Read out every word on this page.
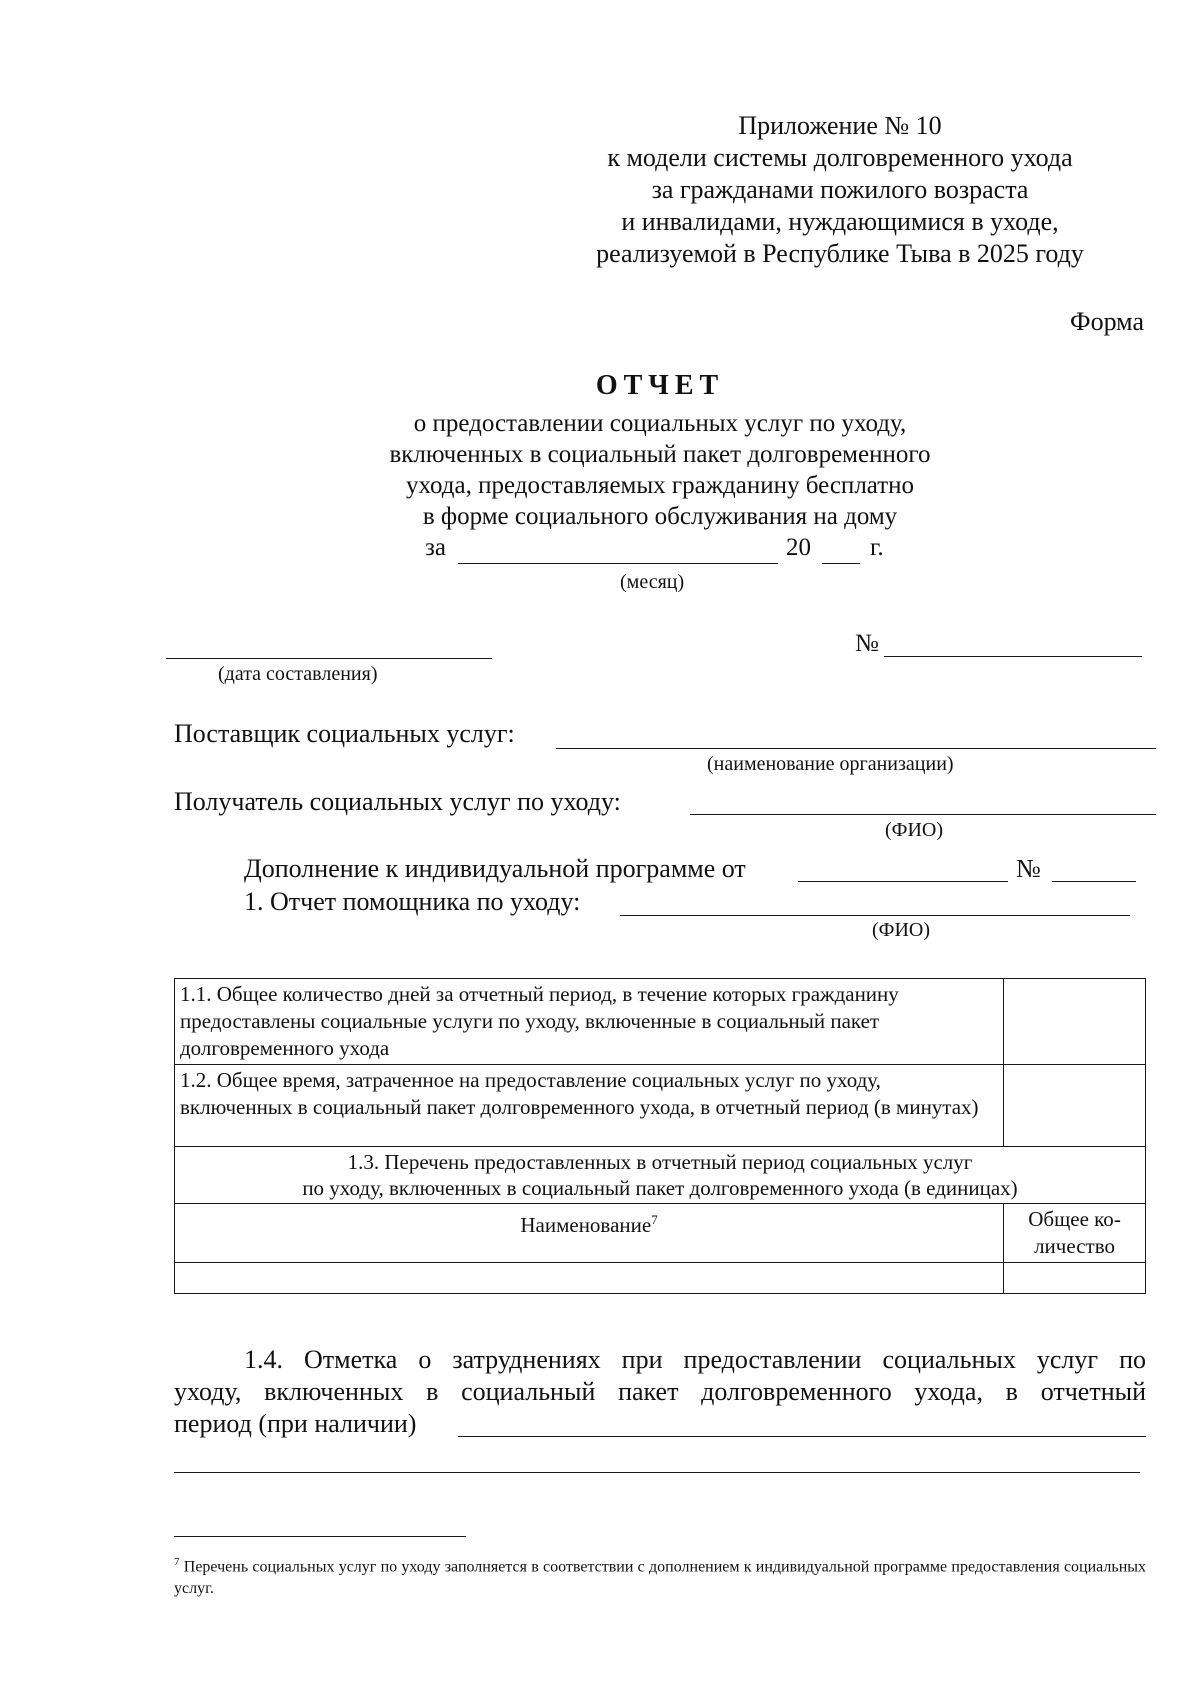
Приложение № 10
к модели системы долговременного ухода
за гражданами пожилого возраста
и инвалидами, нуждающимися в уходе,
реализуемой в Республике Тыва в 2025 году
Форма
ОТЧЕТ
о предоставлении социальных услуг по уходу,
включенных в социальный пакет долговременного
ухода, предоставляемых гражданину бесплатно
в форме социального обслуживания на дому
за	20 г.
(месяц)
№
(дата составления)
Поставщик социальных услуг:
(наименование организации)
Получатель социальных услуг по уходу:
(ФИО)
Дополнение к индивидуальной программе от	№
1. Отчет помощника по уходу:
(ФИО)
1.1. Общее количество дней за отчетный период, в течение которых гражданину предоставлены социальные услуги по уходу, включенные в социальный пакет долговременного ухода	
1.2. Общее время, затраченное на предоставление социальных услуг по уходу, включенных в социальный пакет долговременного ухода, в отчетный период (в минутах)	

1.3. Перечень предоставленных в отчетный период социальных услуг
по уходу, включенных в социальный пакет долговременного ухода (в единицах)	

Наименование$^7$	Общее количество

1.4. Отметка о затруднениях при предоставлении социальных услуг по
уходу, включенных в социальный пакет долговременного ухода, в отчетный
период (при наличии)
$^7$ Перечень социальных услуг по уходу заполняется в соответствии с дополнением к индивидуальной программе предоставления социальных услуг.
